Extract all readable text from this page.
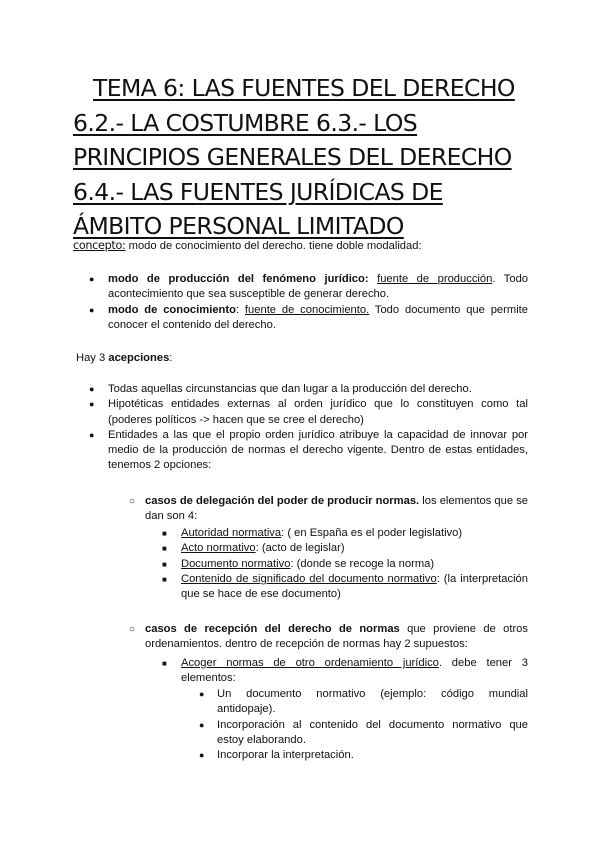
TEMA 6: LAS FUENTES DEL DERECHO
6.2.- LA COSTUMBRE 6.3.- LOS
PRINCIPIOS GENERALES DEL DERECHO
6.4.- LAS FUENTES JURÍDICAS DE
ÁMBITO PERSONAL LIMITADO
concepto: modo de conocimiento del derecho. tiene doble modalidad:
● modo de producción del fenómeno jurídico: fuente de producción. Todo acontecimiento que sea susceptible de generar derecho.
● modo de conocimiento: fuente de conocimiento. Todo documento que permite conocer el contenido del derecho.
Hay 3 acepciones:
● Todas aquellas circunstancias que dan lugar a la producción del derecho.
● Hipotéticas entidades externas al orden jurídico que lo constituyen como tal (poderes políticos -> hacen que se cree el derecho)
● Entidades a las que el propio orden jurídico atribuye la capacidad de innovar por medio de la producción de normas el derecho vigente. Dentro de estas entidades, tenemos 2 opciones:
○ casos de delegación del poder de producir normas. los elementos que se dan son 4:
■ Autoridad normativa: ( en España es el poder legislativo)
■ Acto normativo: (acto de legislar)
■ Documento normativo: (donde se recoge la norma)
■ Contenido de significado del documento normativo: (la interpretación que se hace de ese documento)
○ casos de recepción del derecho de normas que proviene de otros ordenamientos. dentro de recepción de normas hay 2 supuestos:
■ Acoger normas de otro ordenamiento jurídico. debe tener 3 elementos:
● Un documento normativo (ejemplo: código mundial antidopaje).
● Incorporación al contenido del documento normativo que estoy elaborando.
● Incorporar la interpretación.
